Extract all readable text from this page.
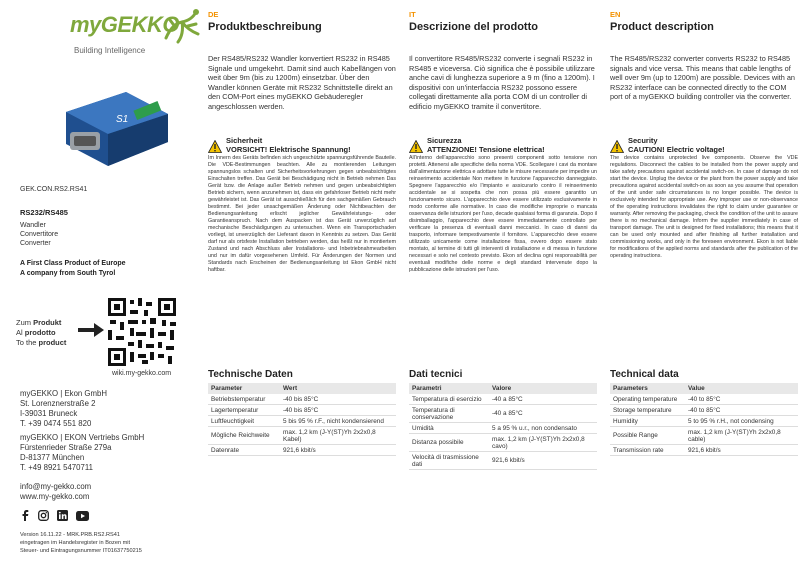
myGEKKO
Building Intelligence
S1
GEK.CON.RS2.RS41
RS232/RS485
Wandler
Convertitore
Converter
A First Class Product of Europe
A company from South Tyrol
Zum Produkt
Al prodotto
To the product
wiki.my-gekko.com
myGEKKO | Ekon GmbH
St. Lorenznerstraße 2
I-39031 Bruneck
T. +39 0474 551 820
myGEKKO | EKON Vertriebs GmbH
Fürstenrieder Straße 279a
D-81377 München
T. +49 8921 5470711
info@my-gekko.com
www.my-gekko.com
Version 16.11.22 - MRK.PRB.RS2.RS41
eingetragen im Handelsregister in Bozen mit
Steuer- und Eintragungsnummer IT01637750215
DE
Produktbeschreibung
Der RS485/RS232 Wandler konvertiert RS232 in RS485 Signale und umgekehrt. Damit sind auch Kabellängen von weit über 9m (bis zu 1200m) einsetzbar. Über den Wandler können Geräte mit RS232 Schnittstelle direkt an den COM-Port eines myGEKKO Gebäuderegler angeschlossen werden.
Sicherheit
VORSICHT! Elektrische Spannung!
Im Innern des Geräts befinden sich ungeschützte spannungsführende Bauteile. Die VDE-Bestimmungen beachten. Alle zu montierenden Leitungen spannungslos schalten und Sicherheitsvorkehrungen gegen unbeabsichtigtes Einschalten treffen. Das Gerät bei Beschädigung nicht in Betrieb nehmen Das Gerät bzw. die Anlage außer Betrieb nehmen und gegen unbeabsichtigten Betrieb sichern, wenn anzunehmen ist, dass ein gefahrloser Betrieb nicht mehr gewährleistet ist. Das Gerät ist ausschließlich für den sachgemäßen Gebrauch bestimmt. Bei jeder unsachgemäßen Änderung oder Nichtbeachten der Bedienungsanleitung erlischt jeglicher Gewährleistungs- oder Garantieanspruch. Nach dem Auspacken ist das Gerät unverzüglich auf mechanische Beschädigungen zu untersuchen. Wenn ein Transportschaden vorliegt, ist unverzüglich der Lieferant davon in Kenntnis zu setzen. Das Gerät darf nur als ortsfeste Installation betrieben werden, das heißt nur in montiertem Zustand und nach Abschluss aller Installations- und Inbetriebnahmearbeiten und nur im dafür vorgesehenen Umfeld. Für Änderungen der Normen und Standards nach Erscheinen der Bedienungsanleitung ist Ekon GmbH nicht haftbar.
Technische Daten
Parameter	Wert
Betriebstemperatur	-40 bis 85°C
Lagertemperatur	-40 bis 85°C
Luftfeuchtigkeit	5 bis 95 % r.F., nicht kondensierend
Mögliche Reichweite	max. 1,2 km (J-Y(ST)Yh 2x2x0,8 Kabel)
Datenrate	921,6 kbit/s
IT
Descrizione del prodotto
Il convertitore RS485/RS232 converte i segnali RS232 in RS485 e viceversa. Ciò significa che è possibile utilizzare anche cavi di lunghezza superiore a 9 m (fino a 1200m). I dispositivi con un'interfaccia RS232 possono essere collegati direttamente alla porta COM di un controller di edificio myGEKKO tramite il convertitore.
Sicurezza
ATTENZIONE! Tensione elettrica!
All'interno dell'apparecchio sono presenti componenti sotto tensione non protetti. Attenersi alle specifiche della norma VDE. Scollegare i cavi da montare dall'alimentazione elettrica e adottare tutte le misure necessarie per impedire un reinserimento accidentale Non mettere in funzione l'apparecchio danneggiato. Spegnere l'apparecchio e/o l'impianto e assicurarlo contro il reinserimento accidentale se si sospetta che non possa più essere garantito un funzionamento sicuro. L'apparecchio deve essere utilizzato esclusivamente in modo conforme alle normative. In caso die modifiche improprie o mancata osservanza delle istruzioni per l'uso, decade qualsiasi forma di garanzia. Dopo il disimballaggio, l'apparecchio deve essere immediatamente controllato per verificare la presenza di eventuali danni meccanici. In caso di danni da trasporto, informare tempestivamente il fornitore. L'apparecchio deve essere utilizzato unicamente come installazione fissa, ovvero dopo essere stato montato, al termine di tutti gli interventi di installazione e di messa in funzione necessari e solo nel contesto previsto. Ekon srl declina ogni responsabilità per eventuali modifiche delle norme e degli standard intervenute dopo la pubblicazione delle istruzioni per l'uso.
Dati tecnici
Parametri	Valore
Temperatura di esercizio	-40 a 85°C
Temperatura di conservazione	-40 a 85°C
Umidità	5 a 95 % u.r., non condensato
Distanza possibile	max. 1,2 km (J-Y(ST)Yh 2x2x0,8 cavo)
Velocità di trasmissione dati	921,6 kbit/s
EN
Product description
The RS485/RS232 converter converts RS232 to RS485 signals and vice versa. This means that cable lengths of well over 9m (up to 1200m) are possible. Devices with an RS232 interface can be connected directly to the COM port of a myGEKKO building controller via the converter.
Security
CAUTION! Electric voltage!
The device contains unprotected live components. Observe the VDE regulations. Disconnect the cables to be installed from the power supply and take safety precautions against accidental switch-on. In case of damage do not start the device. Unplug the device or the plant from the power supply and take precautions against accidental switch-on as soon as you assume that operation of the unit under safe circumstances is no longer possible. The device is exclusively intended for appropriate use. Any improper use or non-observance of the operating instructions invalidates the right to claim under guarantee or warranty. After removing the packaging, check the condition of the unit to assure there is no mechanical damage. Inform the supplier immediately in case of transport damage. The unit is designed for fixed installations; this means that it can be used only mounted and after finishing all further installation and commissioning works, and only in the foreseen environment. Ekon is not liable for modifications of the applied norms and standards after the publication of the operating instructions.
Technical data
Parameters	Value
Operating temperature	-40 to 85°C
Storage temperature	-40 to 85°C
Humidity	5 to 95 % r.H., not condensing
Possible Range	max. 1,2 km (J-Y(ST)Yh 2x2x0,8 cable)
Transmission rate	921,6 kbit/s
